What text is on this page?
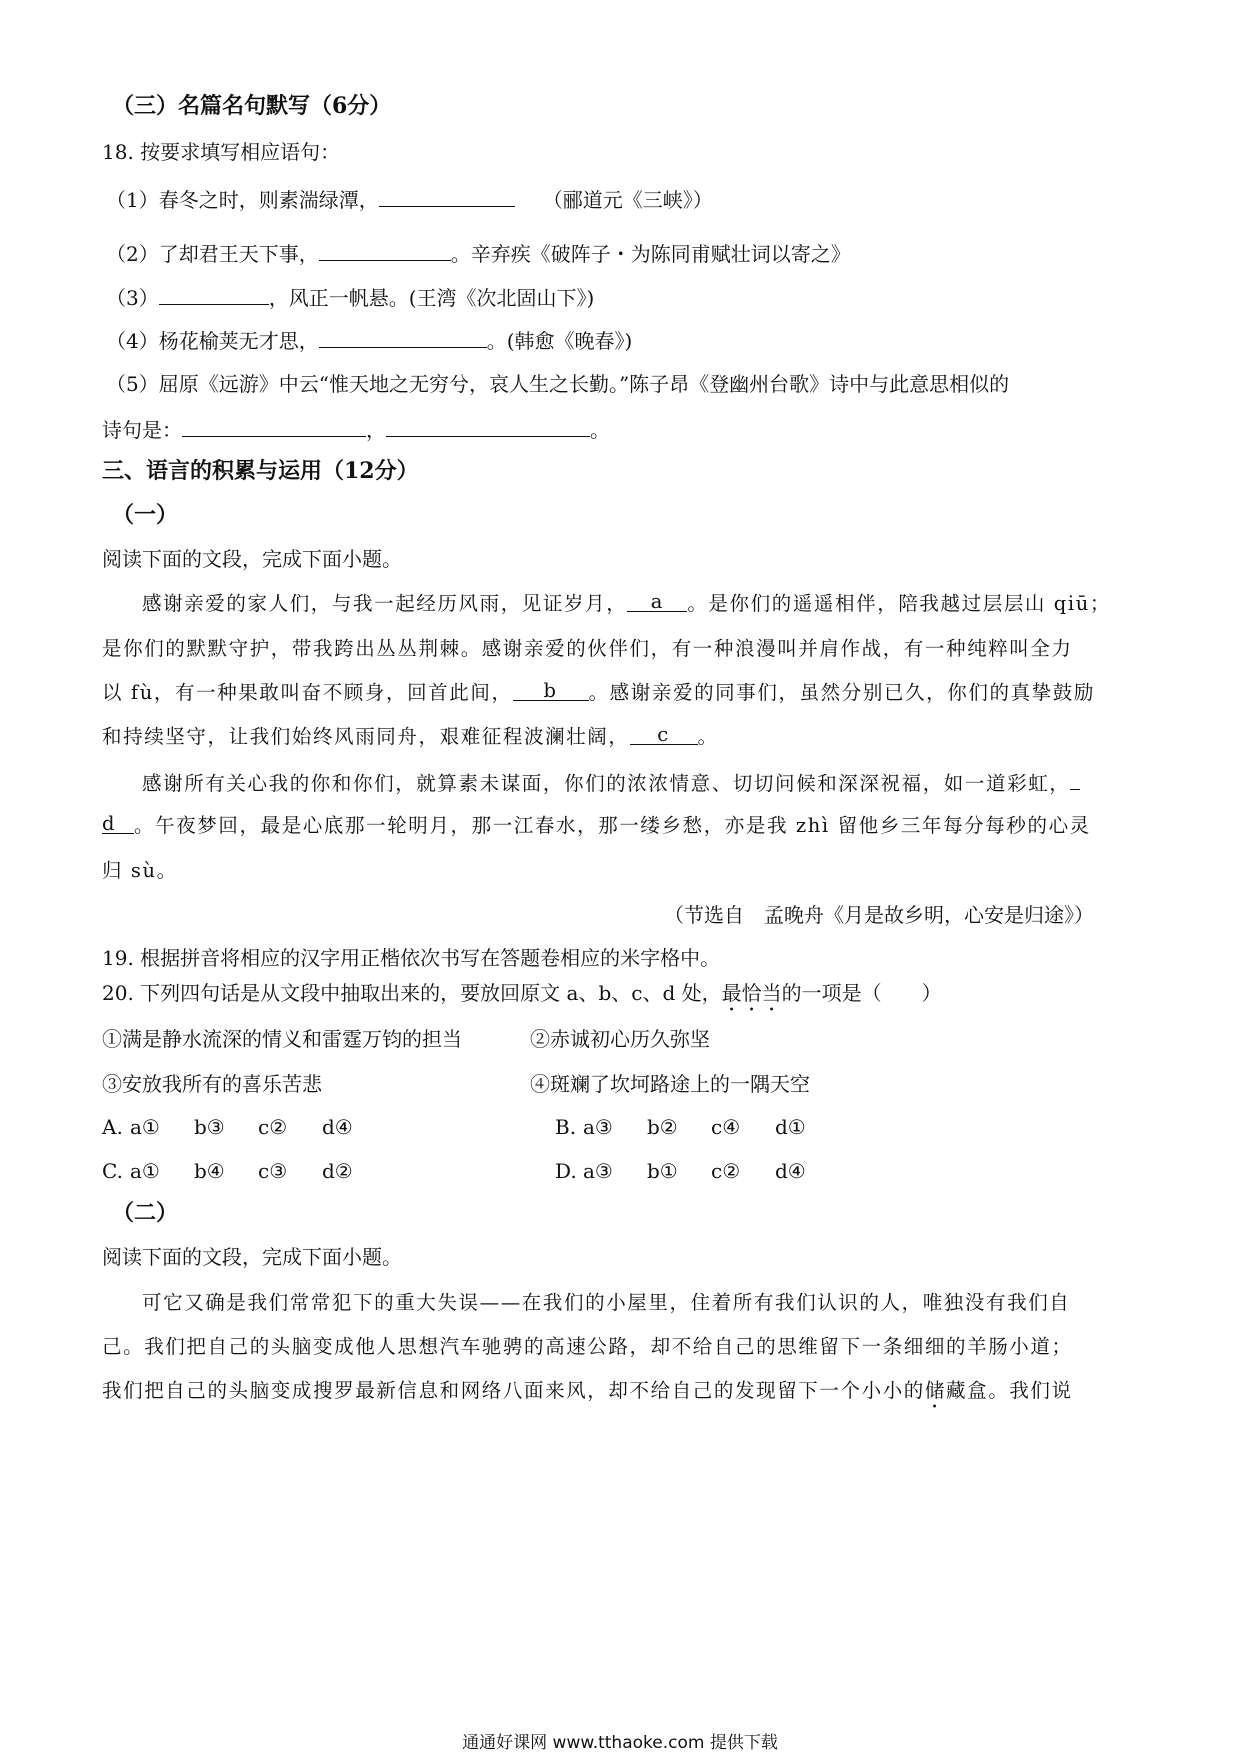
（三）名篇名句默写（6分）
18. 按要求填写相应语句：
（1）春冬之时，则素湍绿潭，	（郦道元《三峡》）
（2）了却君王天下事，	。辛弃疾《破阵子・为陈同甫赋壮词以寄之》
（3）	，风正一帆悬。(王湾《次北固山下》)
（4）杨花榆荚无才思，	。(韩愈《晚春》)
（5）屈原《远游》中云“惟天地之无穷兮，哀人生之长勤。”陈子昂《登幽州台歌》诗中与此意思相似的
诗句是：	，	。
三、语言的积累与运用（12分）
（一）
阅读下面的文段，完成下面小题。
感谢亲爱的家人们，与我一起经历风雨，见证岁月， a 。是你们的遥遥相伴，陪我越过层层山 qiū；
是你们的默默守护，带我跨出丛丛荆棘。感谢亲爱的伙伴们，有一种浪漫叫并肩作战，有一种纯粹叫全力
以 fù，有一种果敢叫奋不顾身，回首此间， b 。感谢亲爱的同事们，虽然分别已久，你们的真挚鼓励
和持续坚守，让我们始终风雨同舟，艰难征程波澜壮阔， c 。
感谢所有关心我的你和你们，就算素未谋面，你们的浓浓情意、切切问候和深深祝福，如一道彩虹，
d 。午夜梦回，最是心底那一轮明月，那一江春水，那一缕乡愁，亦是我 zhì 留他乡三年每分每秒的心灵
归 sù。
（节选自　孟晚舟《月是故乡明，心安是归途》）
19. 根据拼音将相应的汉字用正楷依次书写在答题卷相应的米字格中。
20. 下列四句话是从文段中抽取出来的，要放回原文 a、b、c、d 处，最恰当的一项是（　　）
①满是静水流深的情义和雷霆万钧的担当	②赤诚初心历久弥坚
③安放我所有的喜乐苦悲	④斑斓了坎坷路途上的一隅天空
A. a① b③ c② d④	B. a③ b② c④ d①
C. a① b④ c③ d②	D. a③ b① c② d④
（二）
阅读下面的文段，完成下面小题。
可它又确是我们常常犯下的重大失误——在我们的小屋里，住着所有我们认识的人，唯独没有我们自
己。我们把自己的头脑变成他人思想汽车驰骋的高速公路，却不给自己的思维留下一条细细的羊肠小道；
我们把自己的头脑变成搜罗最新信息和网络八面来风，却不给自己的发现留下一个小小的储藏盒。我们说
通通好课网 www.tthaoke.com 提供下载
